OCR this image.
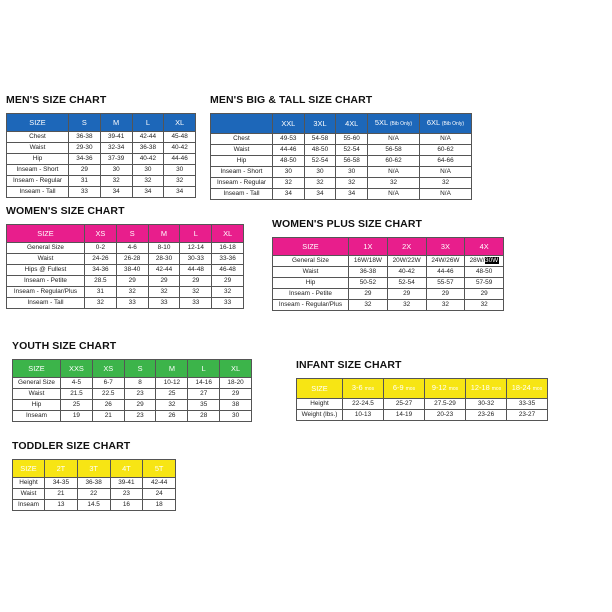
MEN'S SIZE CHART
SIZE	S	M	L	XL
Chest	36-38	39-41	42-44	45-48
Waist	29-30	32-34	36-38	40-42
Hip	34-36	37-39	40-42	44-46
Inseam - Short	29	30	30	30
Inseam - Regular	31	32	32	32
Inseam - Tall	33	34	34	34
MEN'S BIG & TALL SIZE CHART
	XXL	3XL	4XL	5XL (Bib Only)	6XL (Bib Only)
Chest	49-53	54-58	55-60	N/A	N/A
Waist	44-46	48-50	52-54	56-58	60-62
Hip	48-50	52-54	56-58	60-62	64-66
Inseam - Short	30	30	30	N/A	N/A
Inseam - Regular	32	32	32	32	32
Inseam - Tall	34	34	34	N/A	N/A
WOMEN'S SIZE CHART
SIZE	XS	S	M	L	XL
General Size	0-2	4-6	8-10	12-14	16-18
Waist	24-26	26-28	28-30	30-33	33-36
Hips @ Fullest	34-36	38-40	42-44	44-48	46-48
Inseam - Petite	28.5	29	29	29	29
Inseam - Regular/Plus	31	32	32	32	32
Inseam - Tall	32	33	33	33	33
WOMEN'S PLUS SIZE CHART
SIZE	1X	2X	3X	4X
General Size	16W/18W	20W/22W	24W/26W	28W/30W
Waist	36-38	40-42	44-46	48-50
Hip	50-52	52-54	55-57	57-59
Inseam - Petite	29	29	29	29
Inseam - Regular/Plus	32	32	32	32
YOUTH SIZE CHART
SIZE	XXS	XS	S	M	L	XL
General Size	4-5	6-7	8	10-12	14-16	18-20
Waist	21.5	22.5	23	25	27	29
Hip	25	26	29	32	35	38
Inseam	19	21	23	26	28	30
INFANT SIZE CHART
SIZE	3-6 mos	6-9 mos	9-12 mos	12-18 mos	18-24 mos
Height	22-24.5	25-27	27.5-29	30-32	33-35
Weight (lbs.)	10-13	14-19	20-23	23-26	23-27
TODDLER SIZE CHART
SIZE	2T	3T	4T	5T
Height	34-35	36-38	39-41	42-44
Waist	21	22	23	24
Inseam	13	14.5	16	18
